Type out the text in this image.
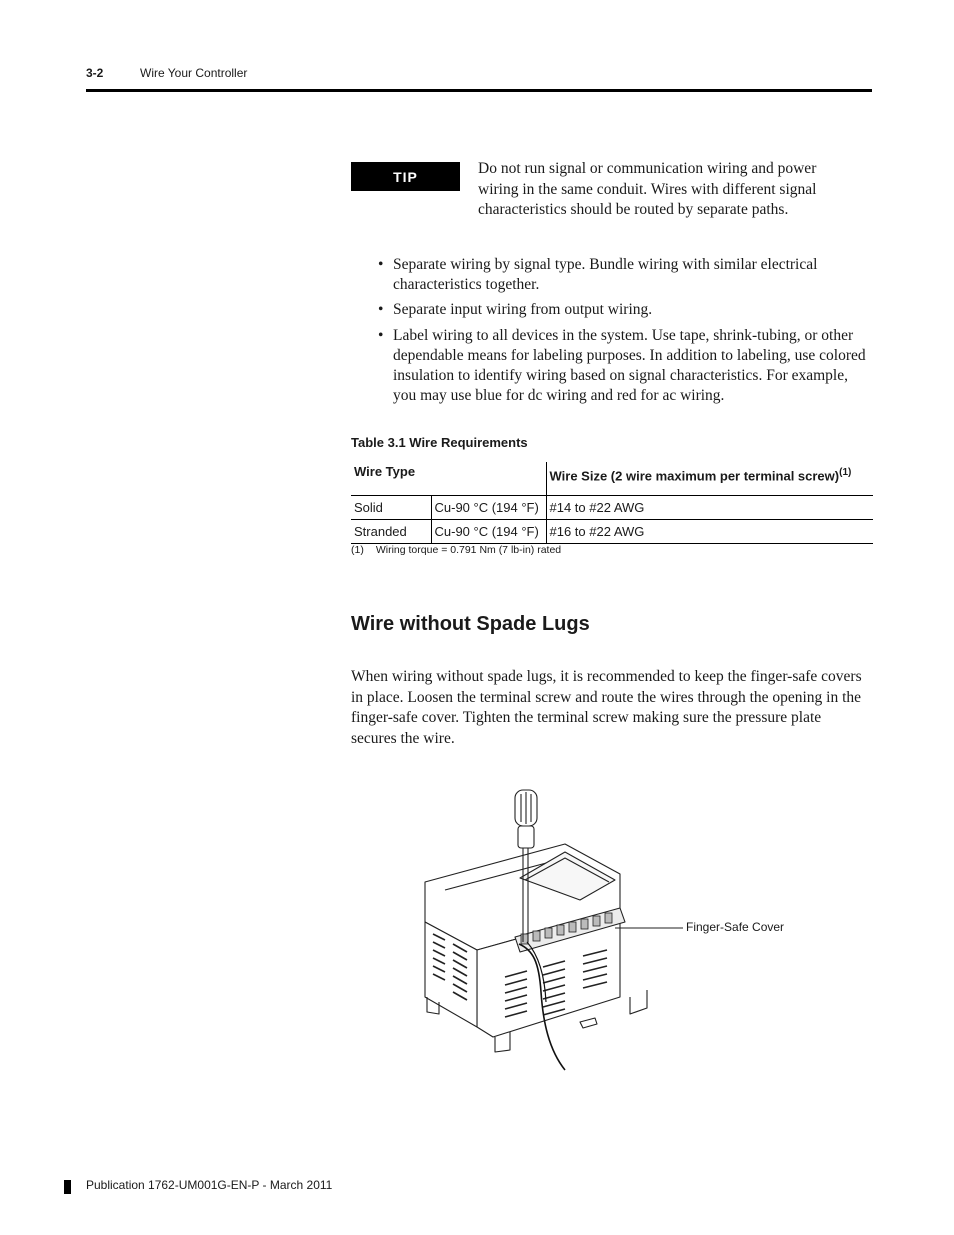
3-2	Wire Your Controller
TIP	Do not run signal or communication wiring and power wiring in the same conduit. Wires with different signal characteristics should be routed by separate paths.
• Separate wiring by signal type. Bundle wiring with similar electrical characteristics together.
• Separate input wiring from output wiring.
• Label wiring to all devices in the system. Use tape, shrink-tubing, or other dependable means for labeling purposes. In addition to labeling, use colored insulation to identify wiring based on signal characteristics. For example, you may use blue for dc wiring and red for ac wiring.
Table 3.1 Wire Requirements
Wire Type		Wire Size (2 wire maximum per terminal screw)$^{(1)}$
Solid	Cu-90 °C (194 °F)	#14 to #22 AWG
Stranded	Cu-90 °C (194 °F)	#16 to #22 AWG
(1) Wiring torque = 0.791 Nm (7 lb-in) rated
Wire without Spade Lugs
When wiring without spade lugs, it is recommended to keep the finger-safe covers in place. Loosen the terminal screw and route the wires through the opening in the finger-safe cover. Tighten the terminal screw making sure the pressure plate secures the wire.
Finger-Safe Cover
Publication 1762-UM001G-EN-P - March 2011
